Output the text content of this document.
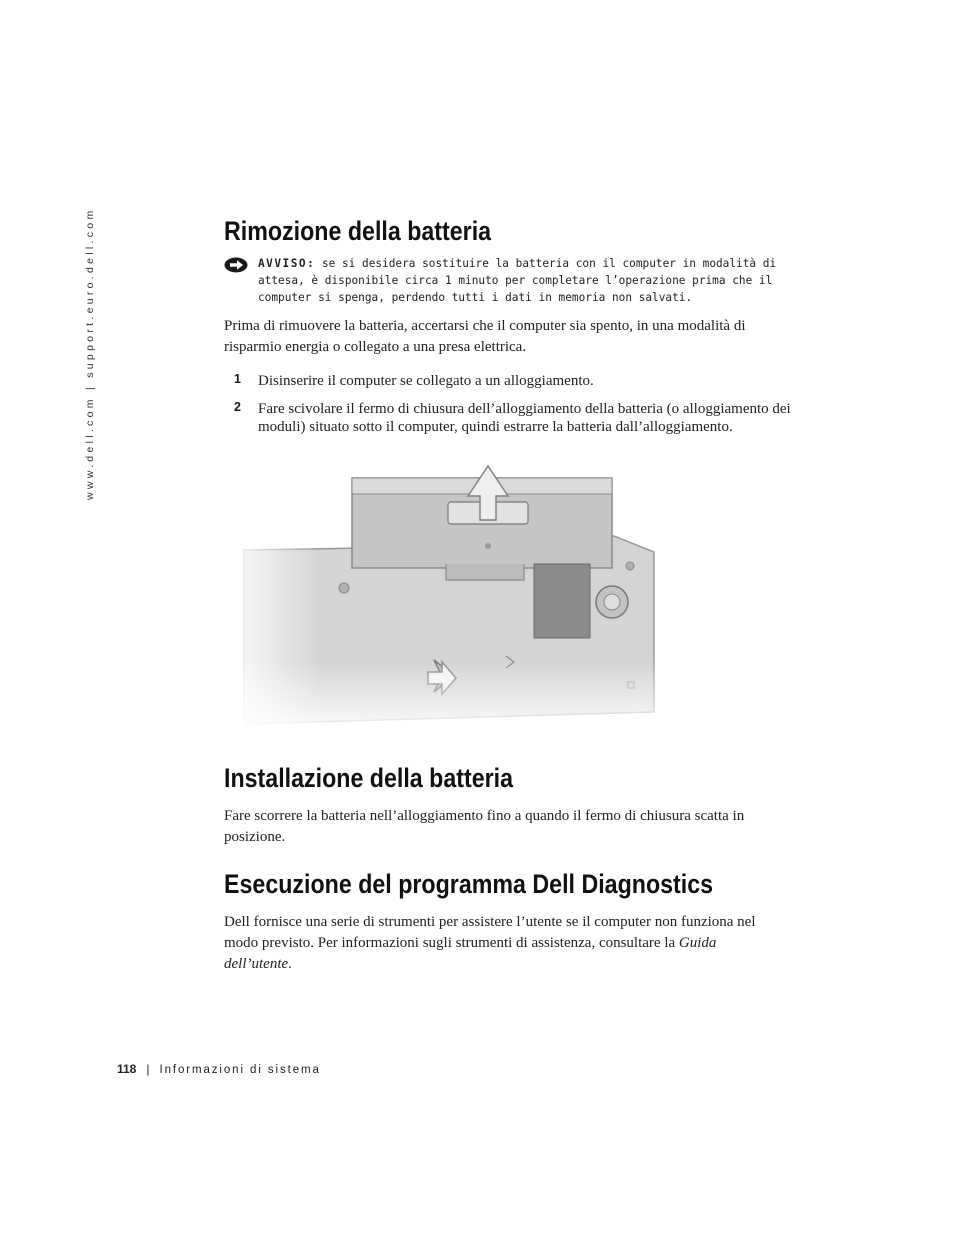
www.dell.com | support.euro.dell.com	Rimozione della batteria
AVVISO: se si desidera sostituire la batteria con il computer in modalità di attesa, è disponibile circa 1 minuto per completare l’operazione prima che il computer si spenga, perdendo tutti i dati in memoria non salvati.

Prima di rimuovere la batteria, accertarsi che il computer sia spento, in una modalità di risparmio energia o collegato a una presa elettrica.

1 Disinserire il computer se collegato a un alloggiamento.
2 Fare scivolare il fermo di chiusura dell’alloggiamento della batteria (o alloggiamento dei moduli) situato sotto il computer, quindi estrarre la batteria dall’alloggiamento.
Installazione della batteria

Fare scorrere la batteria nell’alloggiamento fino a quando il fermo di chiusura scatta in posizione.

Esecuzione del programma Dell Diagnostics

Dell fornisce una serie di strumenti per assistere l’utente se il computer non funziona nel modo previsto. Per informazioni sugli strumenti di assistenza, consultare la Guida dell’utente.

118 | Informazioni di sistema
